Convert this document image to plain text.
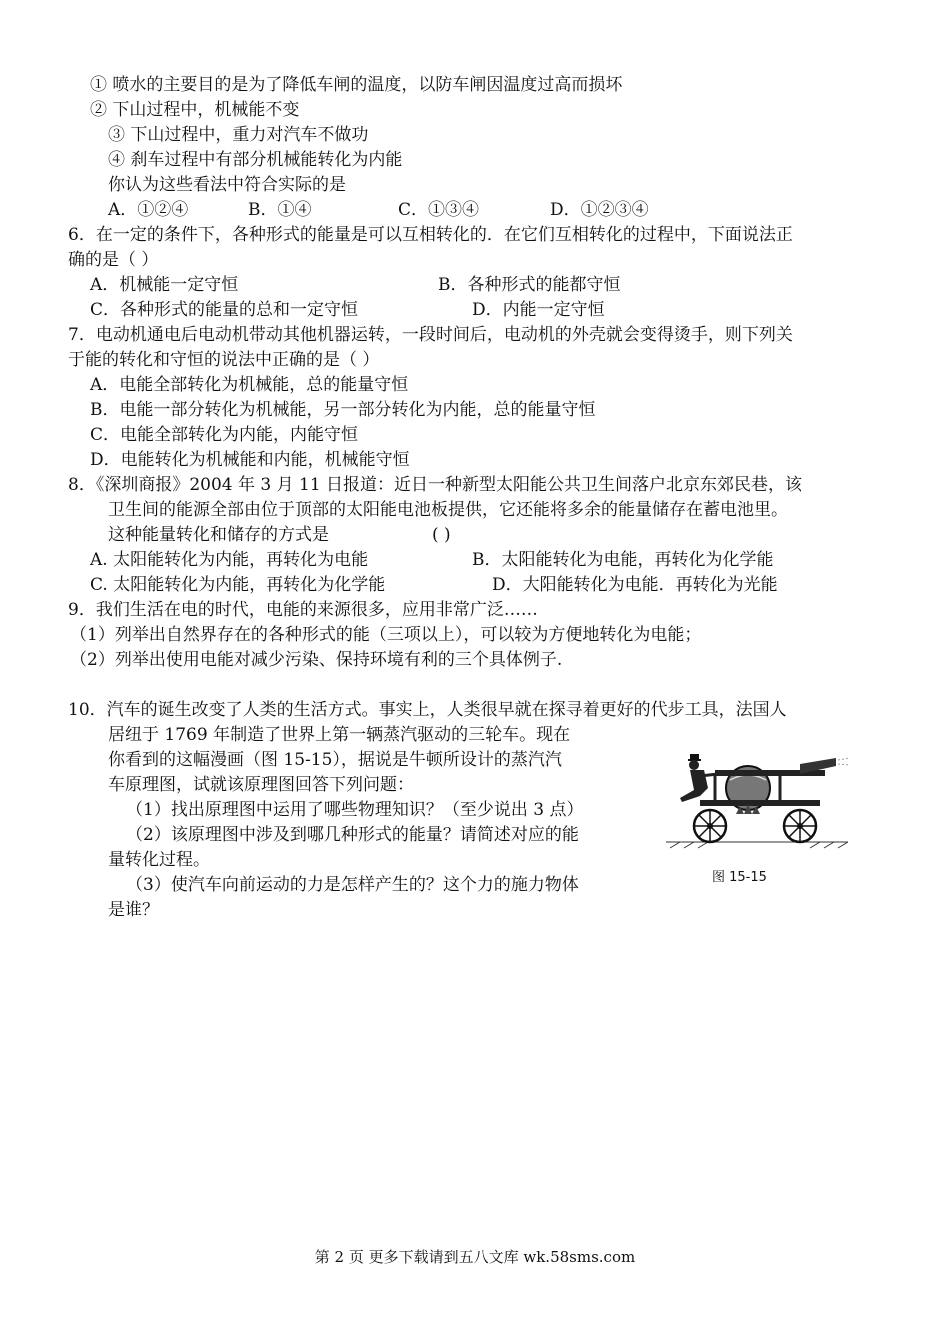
① 喷水的主要目的是为了降低车闸的温度，以防车闸因温度过高而损坏
② 下山过程中，机械能不变
③ 下山过程中，重力对汽车不做功
④ 刹车过程中有部分机械能转化为内能
你认为这些看法中符合实际的是
A．①②④	B．①④	C．①③④	D．①②③④
6．在一定的条件下，各种形式的能量是可以互相转化的．在它们互相转化的过程中，下面说法正
确的是（ ）
A．机械能一定守恒	B．各种形式的能都守恒
C．各种形式的能量的总和一定守恒	D．内能一定守恒
7．电动机通电后电动机带动其他机器运转，一段时间后，电动机的外壳就会变得烫手，则下列关
于能的转化和守恒的说法中正确的是（ ）
A．电能全部转化为机械能，总的能量守恒
B．电能一部分转化为机械能，另一部分转化为内能，总的能量守恒
C．电能全部转化为内能，内能守恒
D．电能转化为机械能和内能，机械能守恒
8．《深圳商报》2004 年 3 月 11 日报道：近日一种新型太阳能公共卫生间落户北京东郊民巷，该
卫生间的能源全部由位于顶部的太阳能电池板提供，它还能将多余的能量储存在蓄电池里。
这种能量转化和储存的方式是	( )
A. 太阳能转化为内能，再转化为电能	B．太阳能转化为电能，再转化为化学能
C. 太阳能转化为内能，再转化为化学能	D．大阳能转化为电能．再转化为光能
9．我们生活在电的时代，电能的来源很多，应用非常广泛……
（1）列举出自然界存在的各种形式的能（三项以上），可以较为方便地转化为电能；
（2）列举出使用电能对减少污染、保持环境有利的三个具体例子.
10．汽车的诞生改变了人类的生活方式。事实上，人类很早就在探寻着更好的代步工具，法国人
居纽于 1769 年制造了世界上第一辆蒸汽驱动的三轮车。现在
你看到的这幅漫画（图 15-15），据说是牛顿所设计的蒸汽汽
车原理图，试就该原理图回答下列问题：
（1）找出原理图中运用了哪些物理知识？（至少说出 3 点）
（2）该原理图中涉及到哪几种形式的能量？请简述对应的能
量转化过程。
（3）使汽车向前运动的力是怎样产生的？这个力的施力物体
是谁？
图 15-15
第 2 页 更多下载请到五八文库 wk.58sms.com
